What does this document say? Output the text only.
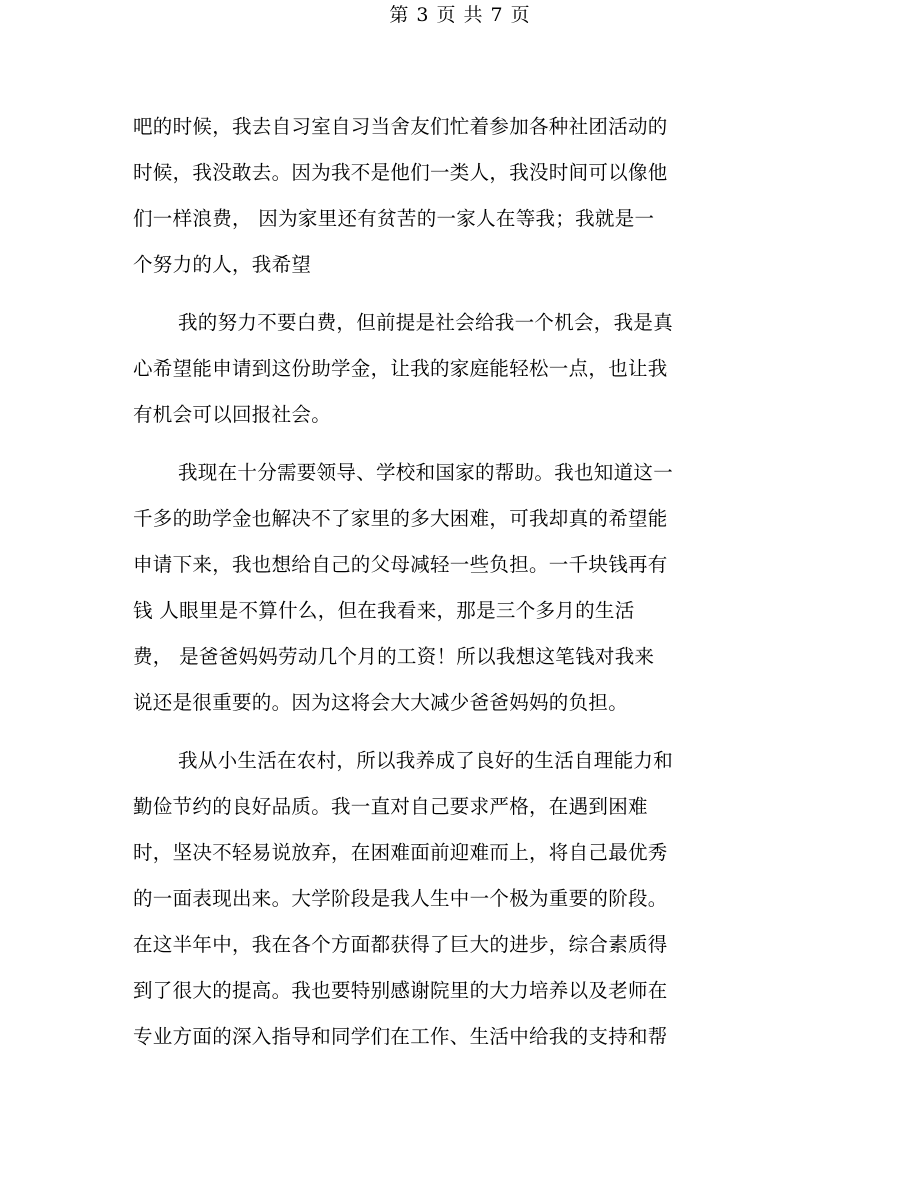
第 3 页 共 7 页
吧的时候，我去自习室自习当舍友们忙着参加各种社团活动的
时候，我没敢去。因为我不是他们一类人，我没时间可以像他
们一样浪费， 因为家里还有贫苦的一家人在等我；我就是一
个努力的人，我希望
我的努力不要白费，但前提是社会给我一个机会，我是真
心希望能申请到这份助学金，让我的家庭能轻松一点，也让我
有机会可以回报社会。
我现在十分需要领导、学校和国家的帮助。我也知道这一
千多的助学金也解决不了家里的多大困难，可我却真的希望能
申请下来，我也想给自己的父母减轻一些负担。一千块钱再有
钱 人眼里是不算什么，但在我看来，那是三个多月的生活
费， 是爸爸妈妈劳动几个月的工资！所以我想这笔钱对我来
说还是很重要的。因为这将会大大减少爸爸妈妈的负担。
我从小生活在农村，所以我养成了良好的生活自理能力和
勤俭节约的良好品质。我一直对自己要求严格，在遇到困难
时，坚决不轻易说放弃，在困难面前迎难而上，将自己最优秀
的一面表现出来。大学阶段是我人生中一个极为重要的阶段。
在这半年中，我在各个方面都获得了巨大的进步，综合素质得
到了很大的提高。我也要特别感谢院里的大力培养以及老师在
专业方面的深入指导和同学们在工作、生活中给我的支持和帮
